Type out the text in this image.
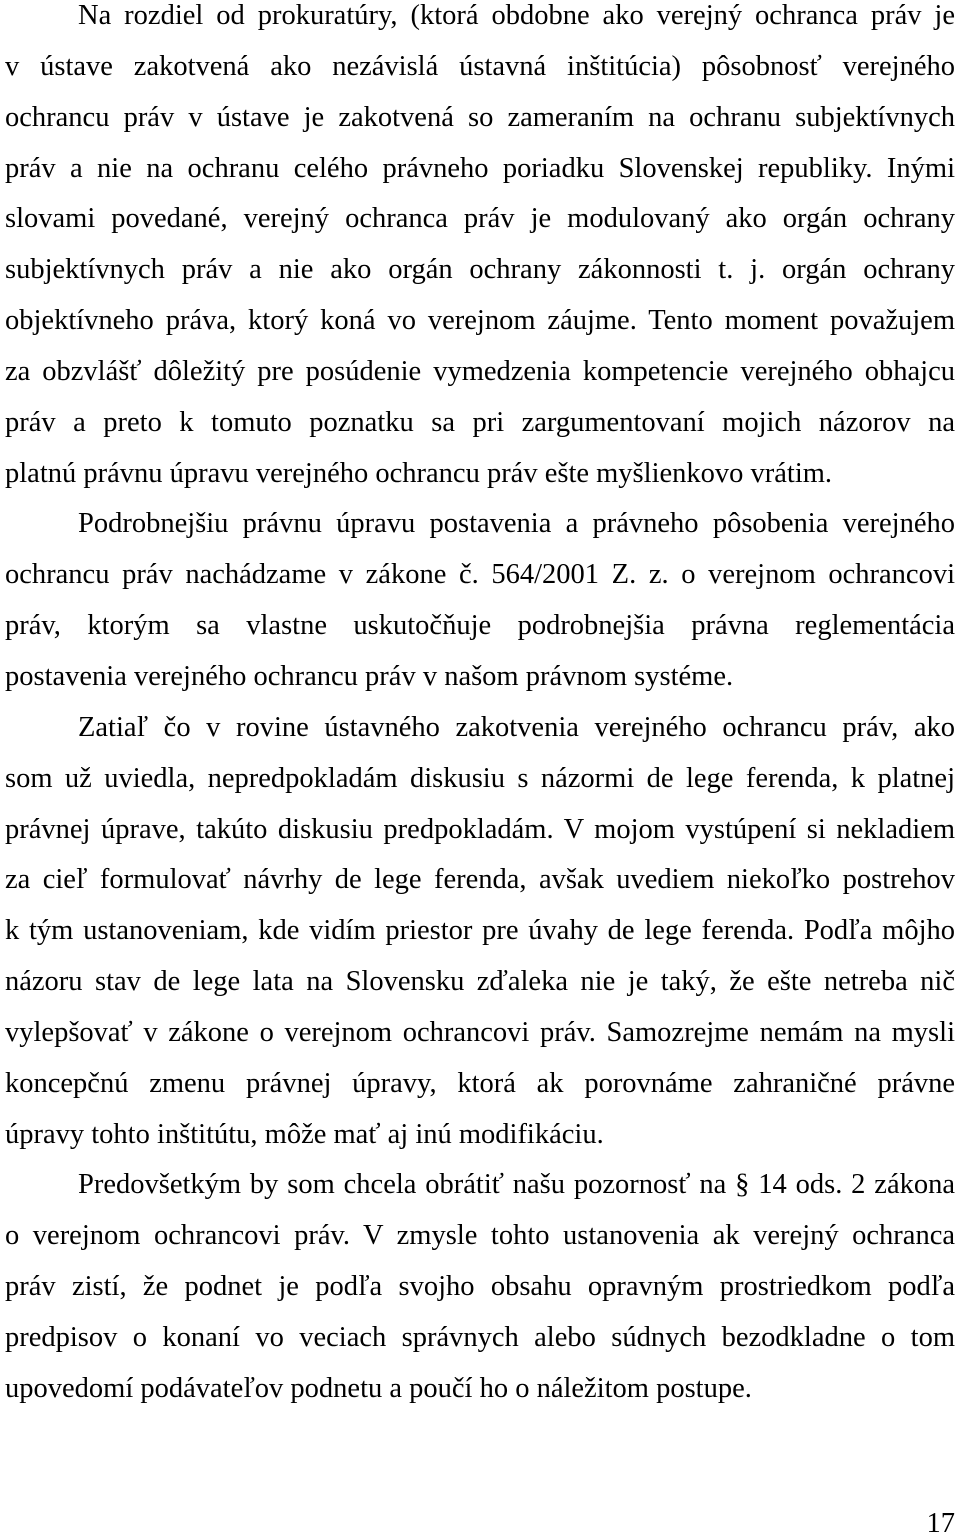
Na rozdiel od prokuratúry, (ktorá obdobne ako verejný ochranca práv je
v ústave zakotvená ako nezávislá ústavná inštitúcia) pôsobnosť verejného
ochrancu práv v ústave je zakotvená so zameraním na ochranu subjektívnych
práv a nie na ochranu celého právneho poriadku Slovenskej republiky. Inými
slovami povedané, verejný ochranca práv je modulovaný ako orgán ochrany
subjektívnych práv a nie ako orgán ochrany zákonnosti t. j. orgán ochrany
objektívneho práva, ktorý koná vo verejnom záujme. Tento moment považujem
za obzvlášť dôležitý pre posúdenie vymedzenia kompetencie verejného obhajcu
práv a preto k tomuto poznatku sa pri zargumentovaní mojich názorov na
platnú právnu úpravu verejného ochrancu práv ešte myšlienkovo vrátim.
Podrobnejšiu právnu úpravu postavenia a právneho pôsobenia verejného
ochrancu práv nachádzame v zákone č. 564/2001 Z. z. o verejnom ochrancovi
práv, ktorým sa vlastne uskutočňuje podrobnejšia právna reglementácia
postavenia verejného ochrancu práv v našom právnom systéme.
Zatiaľ čo v rovine ústavného zakotvenia verejného ochrancu práv, ako
som už uviedla, nepredpokladám diskusiu s názormi de lege ferenda, k platnej
právnej úprave, takúto diskusiu predpokladám. V mojom vystúpení si nekladiem
za cieľ formulovať návrhy de lege ferenda, avšak uvediem niekoľko postrehov
k tým ustanoveniam, kde vidím priestor pre úvahy de lege ferenda. Podľa môjho
názoru stav de lege lata na Slovensku zďaleka nie je taký, že ešte netreba nič
vylepšovať v zákone o verejnom ochrancovi práv. Samozrejme nemám na mysli
koncepčnú zmenu právnej úpravy, ktorá ak porovnáme zahraničné právne
úpravy tohto inštitútu, môže mať aj inú modifikáciu.
Predovšetkým by som chcela obrátiť našu pozornosť na § 14 ods. 2 zákona
o verejnom ochrancovi práv. V zmysle tohto ustanovenia ak verejný ochranca
práv zistí, že podnet je podľa svojho obsahu opravným prostriedkom podľa
predpisov o konaní vo veciach správnych alebo súdnych bezodkladne o tom
upovedomí podávateľov podnetu a poučí ho o náležitom postupe.
17
